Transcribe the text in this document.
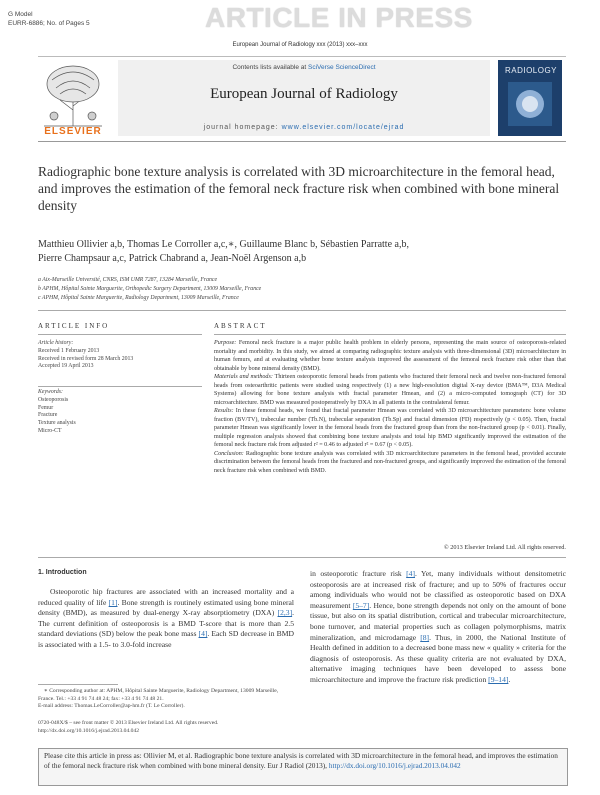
G Model
EURR-6886; No. of Pages 5	ARTICLE IN PRESS
European Journal of Radiology xxx (2013) xxx–xxx
ELSEVIER
Contents lists available at SciVerse ScienceDirect
European Journal of Radiology
journal homepage: www.elsevier.com/locate/ejrad
RADIOLOGY
Radiographic bone texture analysis is correlated with 3D microarchitecture in the femoral head, and improves the estimation of the femoral neck fracture risk when combined with bone mineral density
Matthieu Ollivier a,b, Thomas Le Corroller a,c,∗, Guillaume Blanc b, Sébastien Parratte a,b,
Pierre Champsaur a,c, Patrick Chabrand a, Jean-Noël Argenson a,b
a Aix-Marseille Université, CNRS, ISM UMR 7287, 13284 Marseille, France
b APHM, Hôpital Sainte Marguerite, Orthopedic Surgery Department, 13009 Marseille, France
c APHM, Hôpital Sainte Marguerite, Radiology Department, 13009 Marseille, France
ARTICLE INFO	ABSTRACT
Article history:
Received 1 February 2013
Received in revised form 28 March 2013
Accepted 19 April 2013
Keywords:
Osteoporosis
Femur
Fracture
Texture analysis
Micro-CT

Purpose: Femoral neck fracture is a major public health problem in elderly persons, representing the main source of osteoporosis-related mortality and morbidity. In this study, we aimed at comparing radiographic texture analysis with three-dimensional (3D) microarchitecture in human femurs, and at evaluating whether bone texture analysis improved the assessment of the femoral neck fracture risk other than that obtainable by bone mineral density (BMD).

Materials and methods: Thirteen osteoporotic femoral heads from patients who fractured their femoral neck and twelve non-fractured femoral heads from osteoarthritic patients were studied using respectively (1) a new high-resolution digital X-ray device (BMA™, D3A Medical Systems) allowing for bone texture analysis with fractal parameter Hmean, and (2) a micro-computed tomograph (CT) for 3D microarchitecture. BMD was measured postoperatively by DXA in all patients in the contralateral femur.

Results: In these femoral heads, we found that fractal parameter Hmean was correlated with 3D microarchitecture parameters: bone volume fraction (BV/TV), trabecular number (Tb.N), trabecular separation (Tb.Sp) and fractal dimension (FD) respectively (p < 0.05). Then, fractal parameter Hmean was significantly lower in the femoral heads from the fractured group than from the non-fractured group (p < 0.01). Finally, multiple regression analysis showed that combining bone texture analysis and total hip BMD significantly improved the estimation of the femoral neck fracture risk from adjusted r² = 0.46 to adjusted r² = 0.67 (p < 0.05).

Conclusion: Radiographic bone texture analysis was correlated with 3D microarchitecture parameters in the femoral head, provided accurate discrimination between the femoral heads from the fractured and non-fractured groups, and significantly improved the estimation of the femoral neck fracture risk when combined with BMD.

© 2013 Elsevier Ireland Ltd. All rights reserved.
1. Introduction

Osteoporotic hip fractures are associated with an increased mortality and a reduced quality of life [1]. Bone strength is routinely estimated using bone mineral density (BMD), as measured by dual-energy X-ray absorptiometry (DXA) [2,3]. The current definition of osteoporosis is a BMD T-score that is more than 2.5 standard deviations (SD) below the peak bone mass [4]. Each SD decrease in BMD is associated with a 1.5- to 3.0-fold increase

in osteoporotic fracture risk [4]. Yet, many individuals without densitometric osteoporosis are at increased risk of fracture; and up to 50% of fractures occur among individuals who would not be classified as osteoporotic based on DXA measurement [5–7]. Hence, bone strength depends not only on the amount of bone tissue, but also on its spatial distribution, cortical and trabecular microarchitecture, bone turnover, and material properties such as collagen polymorphisms, matrix mineralization, and microdamage [8]. Thus, in 2000, the National Institute of Health defined in addition to a decreased bone mass new « quality » criteria for the diagnosis of osteoporosis. As these quality criteria are not evaluated by DXA, alternative imaging techniques have been developed to assess bone microarchitecture and improve the fracture risk prediction [9–14].

∗ Corresponding author at: APHM, Hôpital Sainte Marguerite, Radiology Department, 13009 Marseille, France. Tel.: +33 4 91 74 48 24; fax: +33 4 91 74 48 21.
E-mail address: Thomas.LeCorroller@ap-hm.fr (T. Le Corroller).
0720-048X/$ – see front matter © 2013 Elsevier Ireland Ltd. All rights reserved.
http://dx.doi.org/10.1016/j.ejrad.2013.04.042
Please cite this article in press as: Ollivier M, et al. Radiographic bone texture analysis is correlated with 3D microarchitecture in the femoral head, and improves the estimation of the femoral neck fracture risk when combined with bone mineral density. Eur J Radiol (2013), http://dx.doi.org/10.1016/j.ejrad.2013.04.042
